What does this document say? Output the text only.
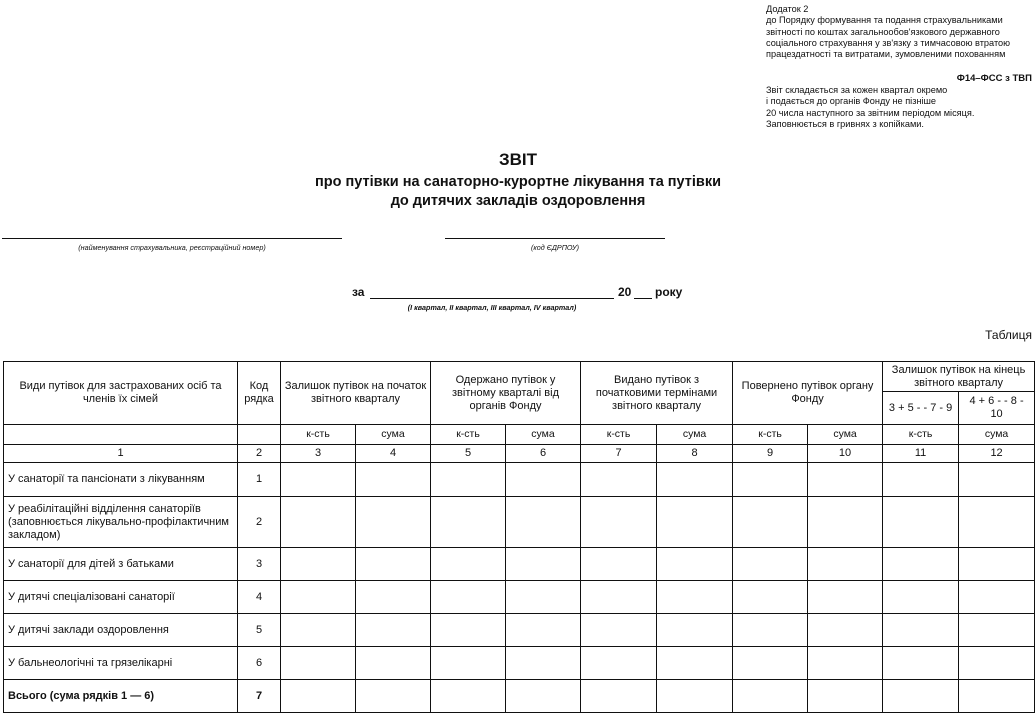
Додаток 2
до Порядку формування та подання страхувальниками
звітності по коштах загальнообов'язкового державного
соціального страхування у зв'язку з тимчасовою втратою
працездатності та витратами, зумовленими похованням
Ф14–ФСС з ТВП
Звіт складається за кожен квартал окремо
і подається до органів Фонду не пізніше
20 числа наступного за звітним періодом місяця.
Заповнюється в гривнях з копійками.
ЗВІТ
про путівки на санаторно-курортне лікування та путівки
до дитячих закладів оздоровлення
(найменування страхувальника, реєстраційний номер)	(код ЄДРПОУ)
за	20 року
(I квартал, II квартал, III квартал, IV квартал)
Таблиця
Види путівок для застрахованих осіб та членів їх сімей	Код рядка	Залишок путівок на початок звітного кварталу		Одержано путівок у звітному кварталі від органів Фонду		Видано путівок з початковими термінами звітного кварталу		Повернено путівок органу Фонду		Залишок путівок на кінець звітного кварталу	
										3 + 5 - - 7 - 9	4 + 6 - - 8 - 10
		к-сть	сума	к-сть	сума	к-сть	сума	к-сть	сума	к-сть	сума
1	2	3	4	5	6	7	8	9	10	11	12
У санаторії та пансіонати з лікуванням	1										
У реабілітаційні відділення санаторіїв (заповнюється лікувально-профілактичним закладом)	2										
У санаторії для дітей з батьками	3										
У дитячі спеціалізовані санаторії	4										
У дитячі заклади оздоровлення	5										
У бальнеологічні та грязелікарні	6										
Всього (сума рядків 1 — 6)	7										
